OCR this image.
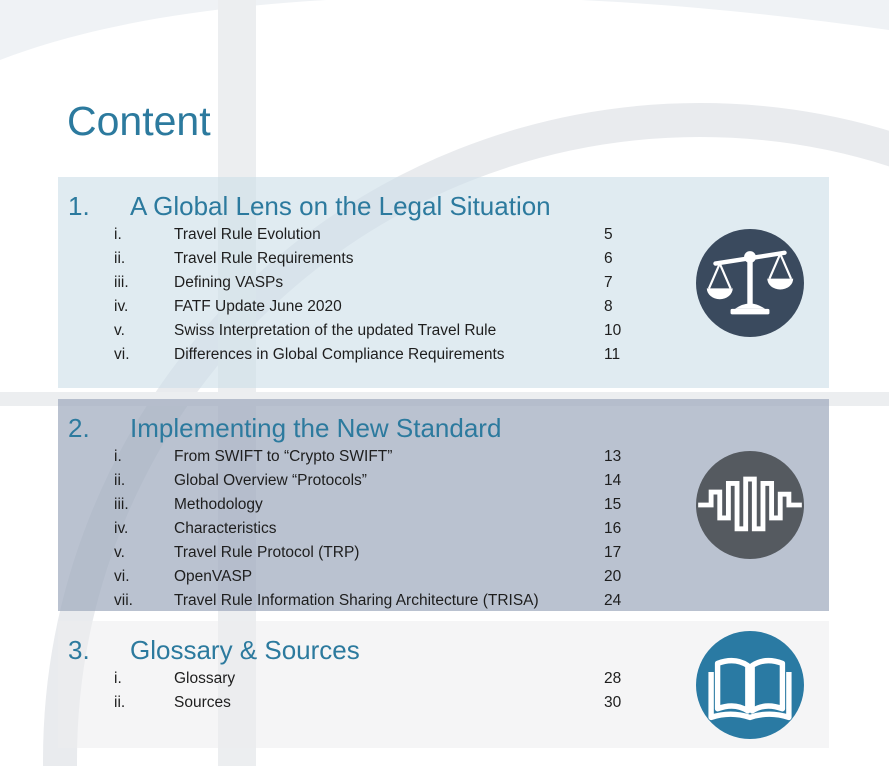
Content
1. A Global Lens on the Legal Situation
i.	Travel Rule Evolution	5
ii.	Travel Rule Requirements	6
iii.	Defining VASPs	7
iv.	FATF Update June 2020	8
v.	Swiss Interpretation of the updated Travel Rule	10
vi.	Differences in Global Compliance Requirements	11
2. Implementing the New Standard
i.	From SWIFT to “Crypto SWIFT”	13
ii.	Global Overview “Protocols”	14
iii.	Methodology	15
iv.	Characteristics	16
v.	Travel Rule Protocol (TRP)	17
vi.	OpenVASP	20
vii.	Travel Rule Information Sharing Architecture (TRISA)	24
3. Glossary & Sources
i.	Glossary	28
ii.	Sources	30
